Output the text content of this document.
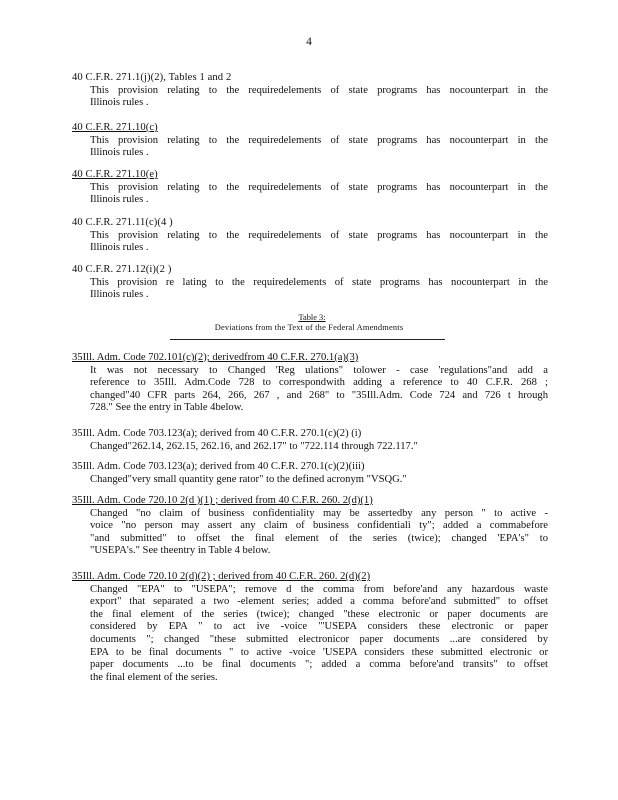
4

40 C.F.R. 271.1(j)(2), Tables 1 and 2

This provision relating to the requiredelements of state programs has nocounterpart in the
Illinois rules .

40 C.F.R. 271.10(c)

This provision relating to the requiredelements of state programs has nocounterpart in the
Illinois rules .

40 C.F.R. 271.10(e)

This provision relating to the requiredelements of state programs has nocounterpart in the
Illinois rules .

40 C.F.R. 271.11(c)(4 )

This provision relating to the requiredelements of state programs has nocounterpart in the
Illinois rules .

40 C.F.R. 271.12(i)(2 )

This provision re lating to the requiredelements of state programs has nocounterpart in the
Illinois rules .
Table 3:
Deviations from the Text of the Federal Amendments

35Ill. Adm. Code 702.101(c)(2); derivedfrom 40 C.F.R. 270.1(a)(3)

It was not necessary to Changed 'Reg ulations" tolower - case 'regulations"and add a
reference to 35Ill. Adm.Code 728 to correspondwith adding a reference to 40 C.F.R. 268 ;
changed"40 CFR parts 264, 266, 267 , and 268" to "35Ill.Adm. Code 724 and 726 t hrough
728." See the entry in Table 4below.

35Ill. Adm. Code 703.123(a); derived from 40 C.F.R. 270.1(c)(2) (i)

Changed"262.14, 262.15, 262.16, and 262.17" to "722.114 through 722.117."

35Ill. Adm. Code 703.123(a); derived from 40 C.F.R. 270.1(c)(2)(iii)

Changed"very small quantity gene rator" to the defined acronym "VSQG."

35Ill. Adm. Code 720.10 2(d )(1) ; derived from 40 C.F.R. 260. 2(d)(1)

Changed "no claim of business confidentiality may be assertedby any person " to active -
voice "no person may assert any claim of business confidentiali ty"; added a commabefore
"and submitted" to offset the final element of the series (twice); changed 'EPA's" to
"USEPA's." See theentry in Table 4 below.

35Ill. Adm. Code 720.10 2(d)(2) ; derived from 40 C.F.R. 260. 2(d)(2)

Changed "EPA" to "USEPA"; remove d the comma from before'and any hazardous waste
export" that separated a two -element series; added a comma before'and submitted" to offset
the final element of the series (twice); changed "these electronic or paper documents are
considered by EPA " to act ive -voice "'USEPA considers these electronic or paper
documents "; changed "these submitted electronicor paper documents ...are considered by
EPA to be final documents " to active -voice 'USEPA considers these submitted electronic or
paper documents ...to be final documents "; added a comma before'and transits" to offset
the final element of the series.
